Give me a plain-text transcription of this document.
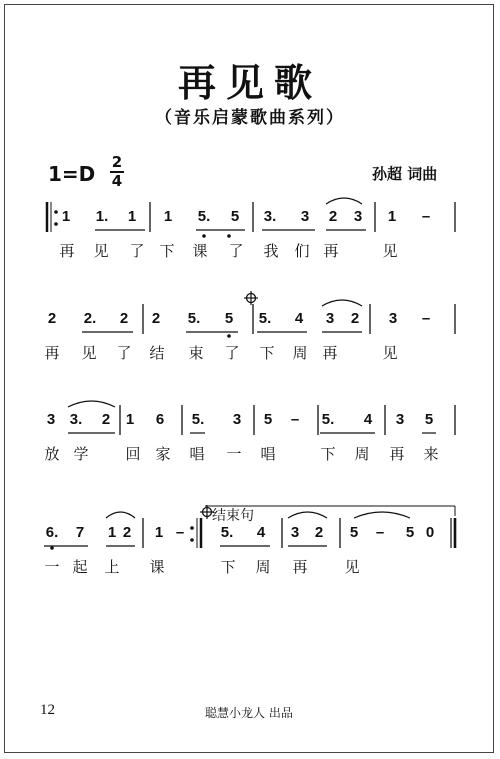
再见歌
（音乐启蒙歌曲系列）
1=D 2
4	孙超 词曲
1 1. 1 1 5. 5 3. 3 2 3 1 –
再 见 了 下 课 了 我 们 再	见
2 2. 2 2 5. 5 5. 4 3 2 3 –
再 见 了 结 束 了 下 周 再	见
3 3. 2 1 6 5. 3 5 – 5. 4 3 5
放 学 回 家 唱 一 唱	下 周 再 来
6. 7 1 2 1 – 5. 4 3 2 5 – 5 0
一 起 上 课	下 周 再 见
结束句
12	聪慧小龙人 出品
